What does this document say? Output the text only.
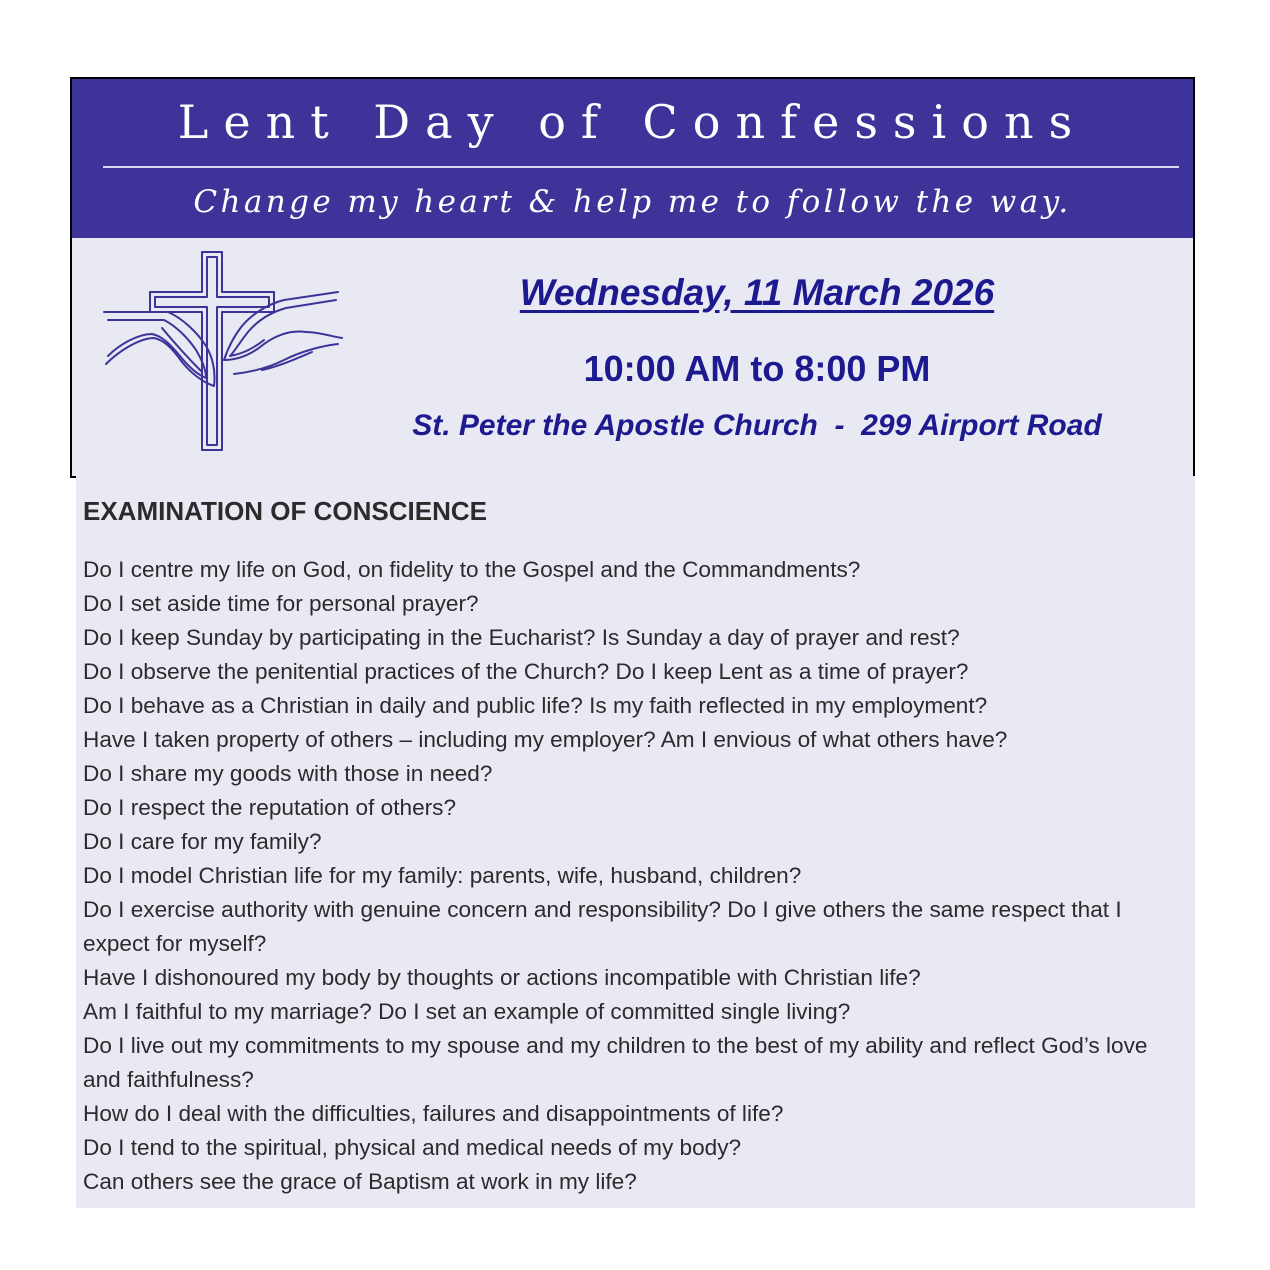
Lent Day of Confessions
Change my heart & help me to follow the way.
Wednesday, 11 March 2026
10:00 AM to 8:00 PM
St. Peter the Apostle Church  -  299 Airport Road
EXAMINATION OF CONSCIENCE
Do I centre my life on God, on fidelity to the Gospel and the Commandments?
Do I set aside time for personal prayer?
Do I keep Sunday by participating in the Eucharist? Is Sunday a day of prayer and rest?
Do I observe the penitential practices of the Church? Do I keep Lent as a time of prayer?
Do I behave as a Christian in daily and public life? Is my faith reflected in my employment?
Have I taken property of others – including my employer? Am I envious of what others have?
Do I share my goods with those in need?
Do I respect the reputation of others?
Do I care for my family?
Do I model Christian life for my family: parents, wife, husband, children?
Do I exercise authority with genuine concern and responsibility? Do I give others the same respect that I expect for myself?
Have I dishonoured my body by thoughts or actions incompatible with Christian life?
Am I faithful to my marriage? Do I set an example of committed single living?
Do I live out my commitments to my spouse and my children to the best of my ability and reflect God’s love and faithfulness?
How do I deal with the difficulties, failures and disappointments of life?
Do I tend to the spiritual, physical and medical needs of my body?
Can others see the grace of Baptism at work in my life?
